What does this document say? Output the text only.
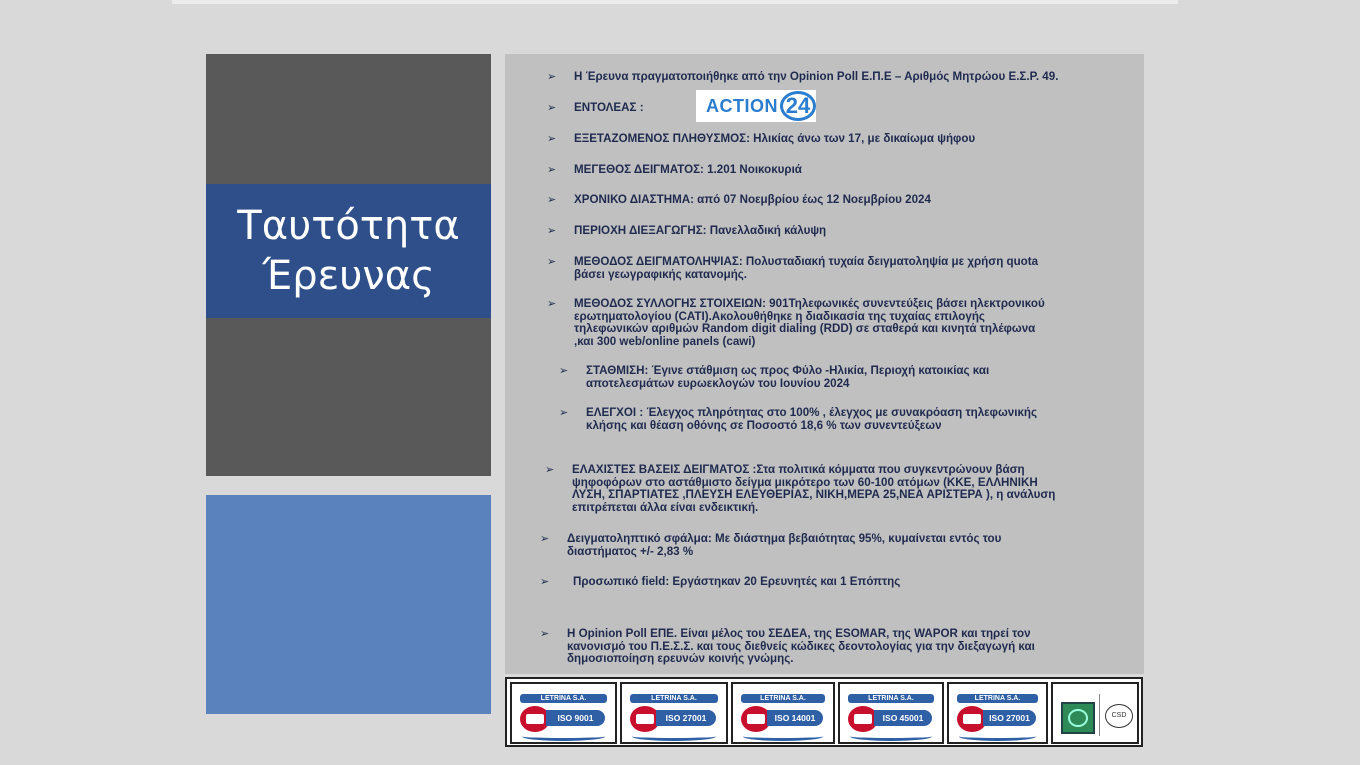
Ταυτότητα
Έρευνας
➢ Η Έρευνα πραγματοποιήθηκε από την Opinion Poll Ε.Π.Ε – Αριθμός Μητρώου Ε.Σ.Ρ. 49.
➢ ΕΝΤΟΛΕΑΣ :	ACTION 24
➢ ΕΞΕΤΑΖΟΜΕΝΟΣ ΠΛΗΘΥΣΜΟΣ: Ηλικίας άνω των 17, με δικαίωμα ψήφου
➢ ΜΕΓΕΘΟΣ ΔΕΙΓΜΑΤΟΣ: 1.201 Νοικοκυριά
➢ ΧΡΟΝΙΚΟ ΔΙΑΣΤΗΜΑ: από 07 Νοεμβρίου έως 12 Νοεμβρίου 2024
➢ ΠΕΡΙΟΧΗ ΔΙΕΞΑΓΩΓΗΣ: Πανελλαδική κάλυψη
➢ ΜΕΘΟΔΟΣ ΔΕΙΓΜΑΤΟΛΗΨΙΑΣ: Πολυσταδιακή τυχαία δειγματοληψία με χρήση quota
βάσει γεωγραφικής κατανομής.
➢ ΜΕΘΟΔΟΣ ΣΥΛΛΟΓΗΣ ΣΤΟΙΧΕΙΩΝ: 901Τηλεφωνικές συνεντεύξεις βάσει ηλεκτρονικού
ερωτηματολογίου (CATI).Ακολουθήθηκε η διαδικασία της τυχαίας επιλογής
τηλεφωνικών αριθμών Random digit dialing (RDD) σε σταθερά και κινητά τηλέφωνα
,και 300 web/online panels (cawi)
➢ ΣΤΑΘΜΙΣΗ: Έγινε στάθμιση ως προς Φύλο -Ηλικία, Περιοχή κατοικίας και
αποτελεσμάτων ευρωεκλογών του Ιουνίου 2024
➢ ΕΛΕΓΧΟΙ : Έλεγχος πληρότητας στο 100% , έλεγχος με συνακρόαση τηλεφωνικής
κλήσης και θέαση οθόνης σε Ποσοστό 18,6 % των συνεντεύξεων
➢ ΕΛΑΧΙΣΤΕΣ ΒΑΣΕΙΣ ΔΕΙΓΜΑΤΟΣ :Στα πολιτικά κόμματα που συγκεντρώνουν βάση
ψηφοφόρων στο αστάθμιστο δείγμα μικρότερο των 60-100 ατόμων (ΚΚΕ, ΕΛΛΗΝΙΚΗ
ΛΥΣΗ, ΣΠΑΡΤΙΑΤΕΣ ,ΠΛΕΥΣΗ ΕΛΕΥΘΕΡΙΑΣ, ΝΙΚΗ,ΜΕΡΑ 25,ΝΕΑ ΑΡΙΣΤΕΡΑ ), η ανάλυση
επιτρέπεται άλλα είναι ενδεικτική.
➢ Δειγματοληπτικό σφάλμα: Με διάστημα βεβαιότητας 95%, κυμαίνεται εντός του
διαστήματος +/- 2,83 %
➢ Προσωπικό field: Εργάστηκαν 20 Ερευνητές και 1 Επόπτης
➢ Η Opinion Poll ΕΠΕ. Είναι μέλος του ΣΕΔΕΑ, της ESOMAR, της WAPOR και τηρεί τον
κανονισμό του Π.Ε.Σ.Σ. και τους διεθνείς κώδικες δεοντολογίας για την διεξαγωγή και
δημοσιοποίηση ερευνών κοινής γνώμης.
LETRINA S.A.
ISO 9001
LETRINA S.A.
ISO 27001
LETRINA S.A.
ISO 14001
LETRINA S.A.
ISO 45001
LETRINA S.A.
ISO 27001	CSD
